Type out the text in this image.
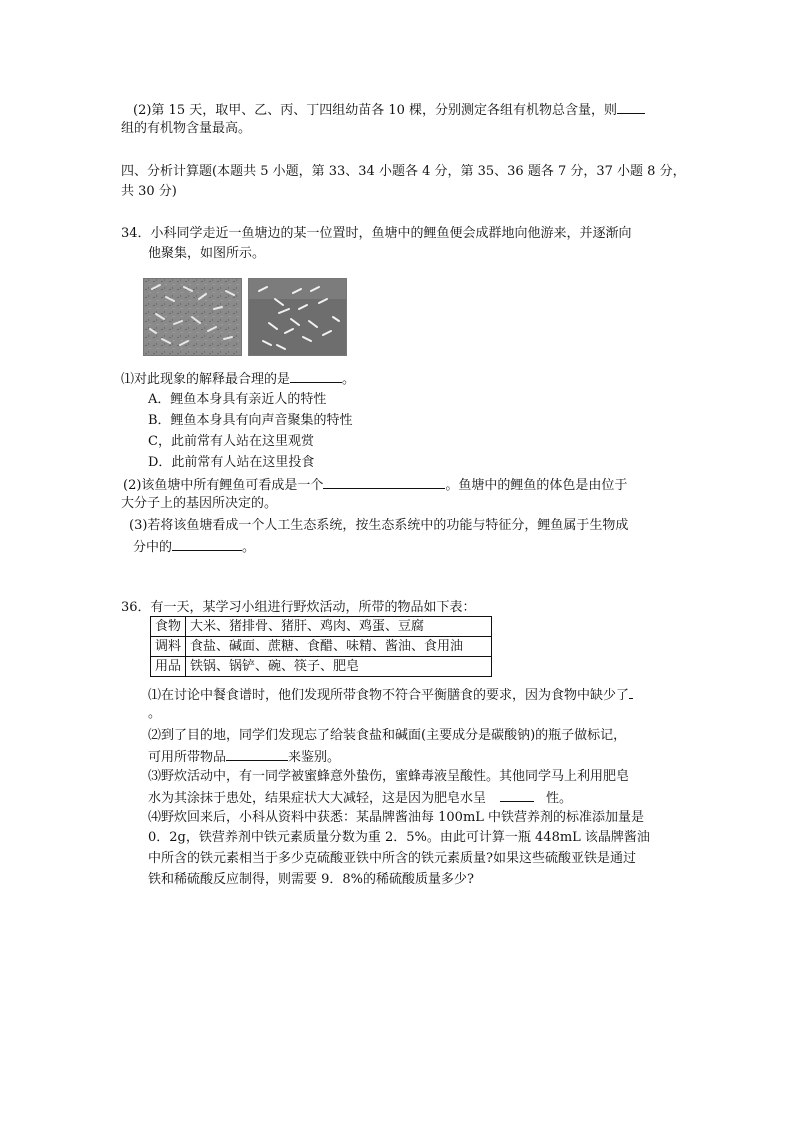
(2)第 15 天，取甲、乙、丙、丁四组幼苗各 10 棵，分别测定各组有机物总含量，则
组的有机物含量最高。
四、分析计算题(本题共 5 小题，第 33、34 小题各 4 分，第 35、36 题各 7 分，37 小题 8 分，
共 30 分)
34．小科同学走近一鱼塘边的某一位置时，鱼塘中的鲤鱼便会成群地向他游来，并逐渐向
他聚集，如图所示。
⑴对此现象的解释最合理的是	。
A．鲤鱼本身具有亲近人的特性
B．鲤鱼本身具有向声音聚集的特性
C，此前常有人站在这里观赏
D．此前常有人站在这里投食
(2)该鱼塘中所有鲤鱼可看成是一个	。鱼塘中的鲤鱼的体色是由位于
大分子上的基因所决定的。
(3)若将该鱼塘看成一个人工生态系统，按生态系统中的功能与特征分，鲤鱼属于生物成
分中的	。
36．有一天，某学习小组进行野炊活动，所带的物品如下表：
食物	大米、猪排骨、猪肝、鸡肉、鸡蛋、豆腐
调料	食盐、碱面、蔗糖、食醋、味精、酱油、食用油
用品	铁锅、锅铲、碗、筷子、肥皂
⑴在讨论中餐食谱时，他们发现所带食物不符合平衡膳食的要求，因为食物中缺少了
。
⑵到了目的地，同学们发现忘了给装食盐和碱面(主要成分是碳酸钠)的瓶子做标记，
可用所带物品	来鉴别。
⑶野炊活动中，有一同学被蜜蜂意外蛰伤，蜜蜂毒液呈酸性。其他同学马上利用肥皂
水为其涂抹于患处，结果症状大大减轻，这是因为肥皂水呈	性。
⑷野炊回来后，小科从资料中获悉：某晶牌酱油每 100mL 中铁营养剂的标准添加量是
0．2g，铁营养剂中铁元素质量分数为重 2．5%。由此可计算一瓶 448mL 该晶牌酱油
中所含的铁元素相当于多少克硫酸亚铁中所含的铁元素质量?如果这些硫酸亚铁是通过
铁和稀硫酸反应制得，则需要 9．8%的稀硫酸质量多少?
